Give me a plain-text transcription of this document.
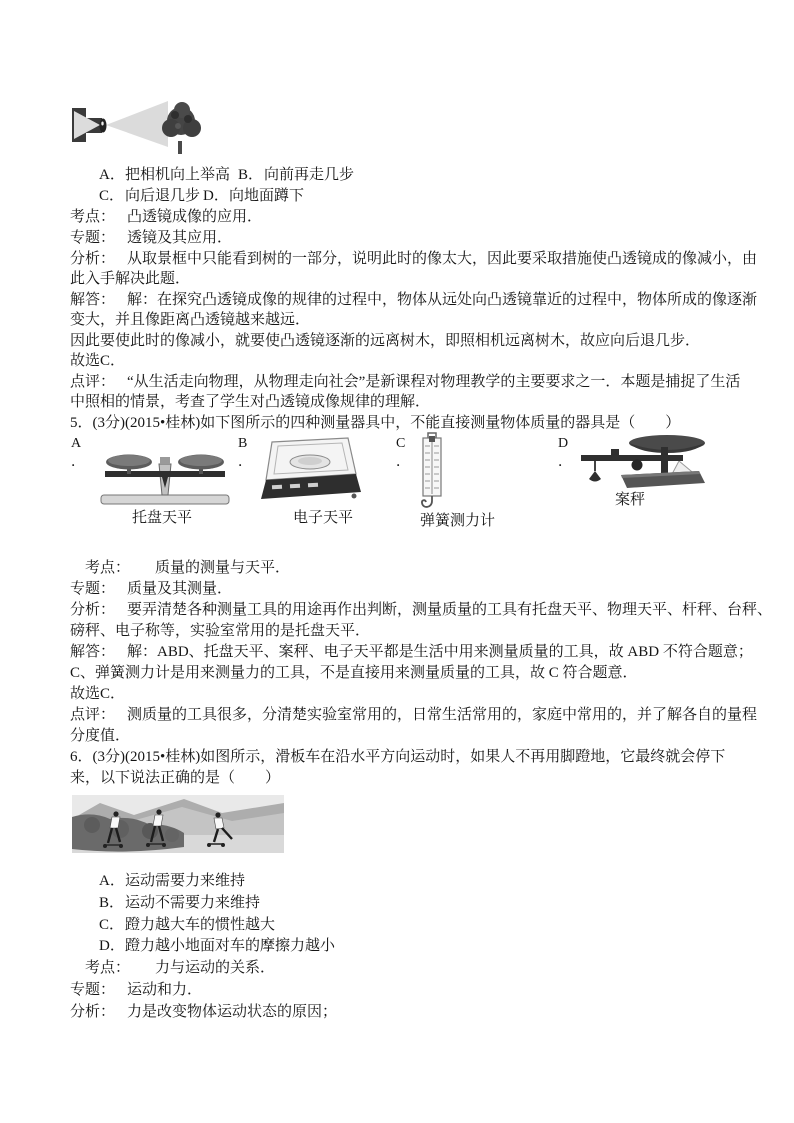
A．把相机向上举高 B．向前再走几步
C．向后退几步 D．向地面蹲下
考点： 凸透镜成像的应用．
专题： 透镜及其应用．
分析： 从取景框中只能看到树的一部分，说明此时的像太大，因此要采取措施使凸透镜成的像减小，由
此入手解决此题．
解答： 解：在探究凸透镜成像的规律的过程中，物体从远处向凸透镜靠近的过程中，物体所成的像逐渐
变大，并且像距离凸透镜越来越远．
因此要使此时的像减小，就要使凸透镜逐渐的远离树木，即照相机远离树木，故应向后退几步．
故选C．
点评： “从生活走向物理，从物理走向社会”是新课程对物理教学的主要要求之一．本题是捕捉了生活
中照相的情景，考查了学生对凸透镜成像规律的理解．
5．(3分)(2015•桂林)如下图所示的四种测量器具中，不能直接测量物体质量的器具是（　　）
A
．
B
．
C
．
D
．
案秤
托盘天平	电子天平	弹簧测力计
考点： 质量的测量与天平．
专题： 质量及其测量．
分析： 要弄清楚各种测量工具的用途再作出判断，测量质量的工具有托盘天平、物理天平、杆秤、台秤、
磅秤、电子称等，实验室常用的是托盘天平．
解答： 解：ABD、托盘天平、案秤、电子天平都是生活中用来测量质量的工具，故 ABD 不符合题意；
C、弹簧测力计是用来测量力的工具，不是直接用来测量质量的工具，故 C 符合题意．
故选C．
点评： 测质量的工具很多，分清楚实验室常用的，日常生活常用的，家庭中常用的，并了解各自的量程
分度值．
6．(3分)(2015•桂林)如图所示，滑板车在沿水平方向运动时，如果人不再用脚蹬地，它最终就会停下
来，以下说法正确的是（　　）
A．运动需要力来维持
B．运动不需要力来维持
C．蹬力越大车的惯性越大
D．蹬力越小地面对车的摩擦力越小
考点： 力与运动的关系．
专题： 运动和力．
分析： 力是改变物体运动状态的原因；
